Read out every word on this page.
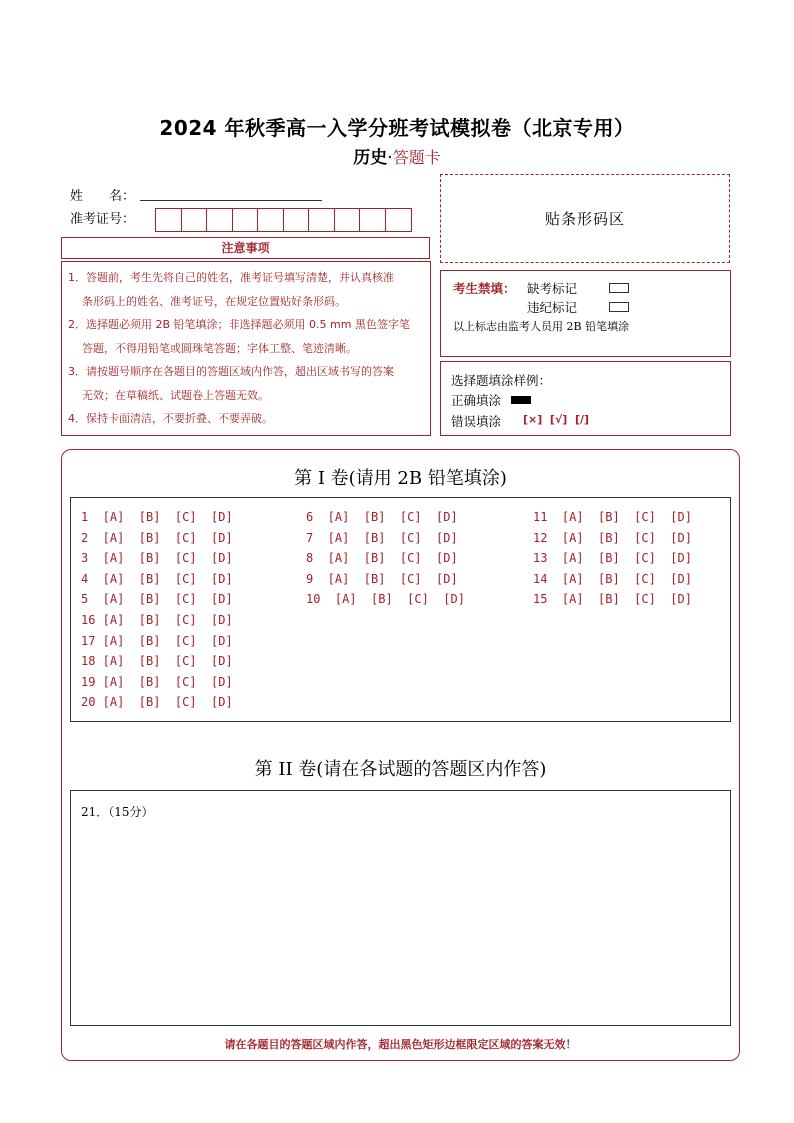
2024 年秋季高一入学分班考试模拟卷（北京专用）
历史·答题卡
姓　　名：
准考证号：	贴条形码区
注意事项
1．答题前，考生先将自己的姓名，准考证号填写清楚，并认真核准
条形码上的姓名、准考证号，在规定位置贴好条形码。
2．选择题必须用 2B 铅笔填涂；非选择题必须用 0.5 mm 黑色签字笔
答题，不得用铅笔或圆珠笔答题；字体工整、笔迹清晰。
3．请按题号顺序在各题目的答题区域内作答，超出区域书写的答案
无效；在草稿纸、试题卷上答题无效。
4．保持卡面清洁，不要折叠、不要弄破。
考生禁填： 缺考标记
违纪标记
以上标志由监考人员用 2B 铅笔填涂
选择题填涂样例：
正确填涂
错误填涂 [×]  [√]  [/]
第 I 卷(请用 2B 铅笔填涂)
1  [A]  [B]  [C]  [D]
2  [A]  [B]  [C]  [D]
3  [A]  [B]  [C]  [D]
4  [A]  [B]  [C]  [D]
5  [A]  [B]  [C]  [D]
16 [A]  [B]  [C]  [D]
17 [A]  [B]  [C]  [D]
18 [A]  [B]  [C]  [D]
19 [A]  [B]  [C]  [D]
20 [A]  [B]  [C]  [D]
6  [A]  [B]  [C]  [D]
7  [A]  [B]  [C]  [D]
8  [A]  [B]  [C]  [D]
9  [A]  [B]  [C]  [D]
10  [A]  [B]  [C]  [D]
11  [A]  [B]  [C]  [D]
12  [A]  [B]  [C]  [D]
13  [A]  [B]  [C]  [D]
14  [A]  [B]  [C]  [D]
15  [A]  [B]  [C]  [D]
第 II 卷(请在各试题的答题区内作答)
21．（15分）
请在各题目的答题区域内作答，超出黑色矩形边框限定区域的答案无效！
